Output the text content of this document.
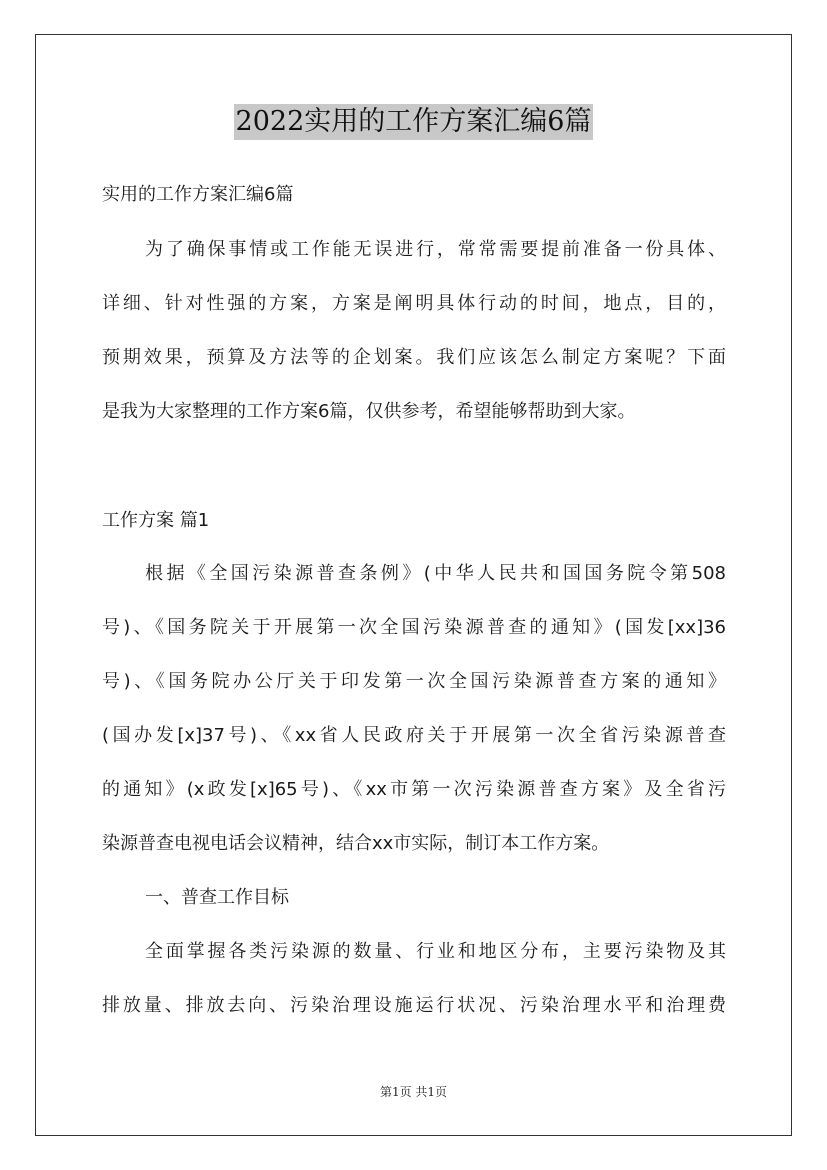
2022实用的工作方案汇编6篇
实用的工作方案汇编6篇
为了确保事情或工作能无误进行，常常需要提前准备一份具体、
详细、针对性强的方案，方案是阐明具体行动的时间，地点，目的，
预期效果，预算及方法等的企划案。我们应该怎么制定方案呢？下面
是我为大家整理的工作方案6篇，仅供参考，希望能够帮助到大家。
工作方案 篇1
根据《全国污染源普查条例》(中华人民共和国国务院令第508
号)、《国务院关于开展第一次全国污染源普查的通知》(国发[xx]36
号)、《国务院办公厅关于印发第一次全国污染源普查方案的通知》
(国办发[x]37号)、《xx省人民政府关于开展第一次全省污染源普查
的通知》(x政发[x]65号)、《xx市第一次污染源普查方案》及全省污
染源普查电视电话会议精神，结合xx市实际，制订本工作方案。
一、普查工作目标
全面掌握各类污染源的数量、行业和地区分布，主要污染物及其
排放量、排放去向、污染治理设施运行状况、污染治理水平和治理费
第1页 共1页
